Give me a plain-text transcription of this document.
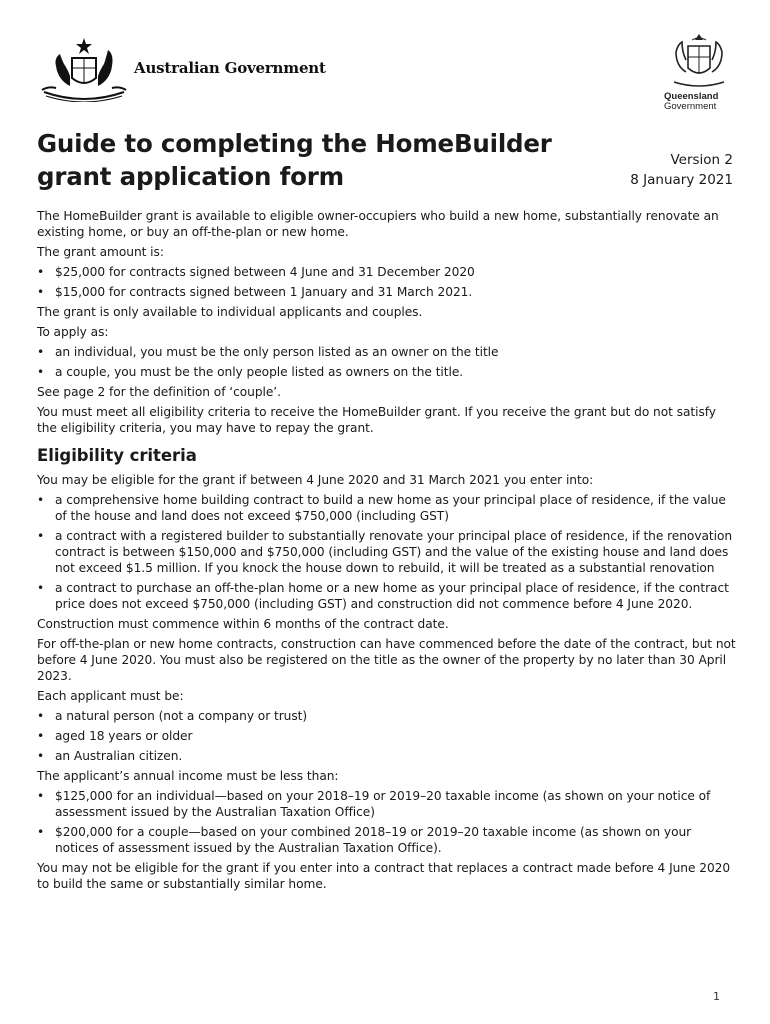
Australian Government
Queensland
Government
Guide to completing the HomeBuilder grant application form
Version 2
8 January 2021

The HomeBuilder grant is available to eligible owner-occupiers who build a new home, substantially renovate an existing home, or buy an off-the-plan or new home.

The grant amount is:

• $25,000 for contracts signed between 4 June and 31 December 2020
• $15,000 for contracts signed between 1 January and 31 March 2021.

The grant is only available to individual applicants and couples.

To apply as:

• an individual, you must be the only person listed as an owner on the title
• a couple, you must be the only people listed as owners on the title.

See page 2 for the definition of ‘couple’.

You must meet all eligibility criteria to receive the HomeBuilder grant. If you receive the grant but do not satisfy the eligibility criteria, you may have to repay the grant.

Eligibility criteria

You may be eligible for the grant if between 4 June 2020 and 31 March 2021 you enter into:

• a comprehensive home building contract to build a new home as your principal place of residence, if the value of the house and land does not exceed $750,000 (including GST)
• a contract with a registered builder to substantially renovate your principal place of residence, if the renovation contract is between $150,000 and $750,000 (including GST) and the value of the existing house and land does not exceed $1.5 million. If you knock the house down to rebuild, it will be treated as a substantial renovation
• a contract to purchase an off-the-plan home or a new home as your principal place of residence, if the contract price does not exceed $750,000 (including GST) and construction did not commence before 4 June 2020.

Construction must commence within 6 months of the contract date.

For off-the-plan or new home contracts, construction can have commenced before the date of the contract, but not before 4 June 2020. You must also be registered on the title as the owner of the property by no later than 30 April 2023.

Each applicant must be:

• a natural person (not a company or trust)
• aged 18 years or older
• an Australian citizen.

The applicant’s annual income must be less than:

• $125,000 for an individual—based on your 2018–19 or 2019–20 taxable income (as shown on your notice of assessment issued by the Australian Taxation Office)
• $200,000 for a couple—based on your combined 2018–19 or 2019–20 taxable income (as shown on your notices of assessment issued by the Australian Taxation Office).

You may not be eligible for the grant if you enter into a contract that replaces a contract made before 4 June 2020 to build the same or substantially similar home.

1
